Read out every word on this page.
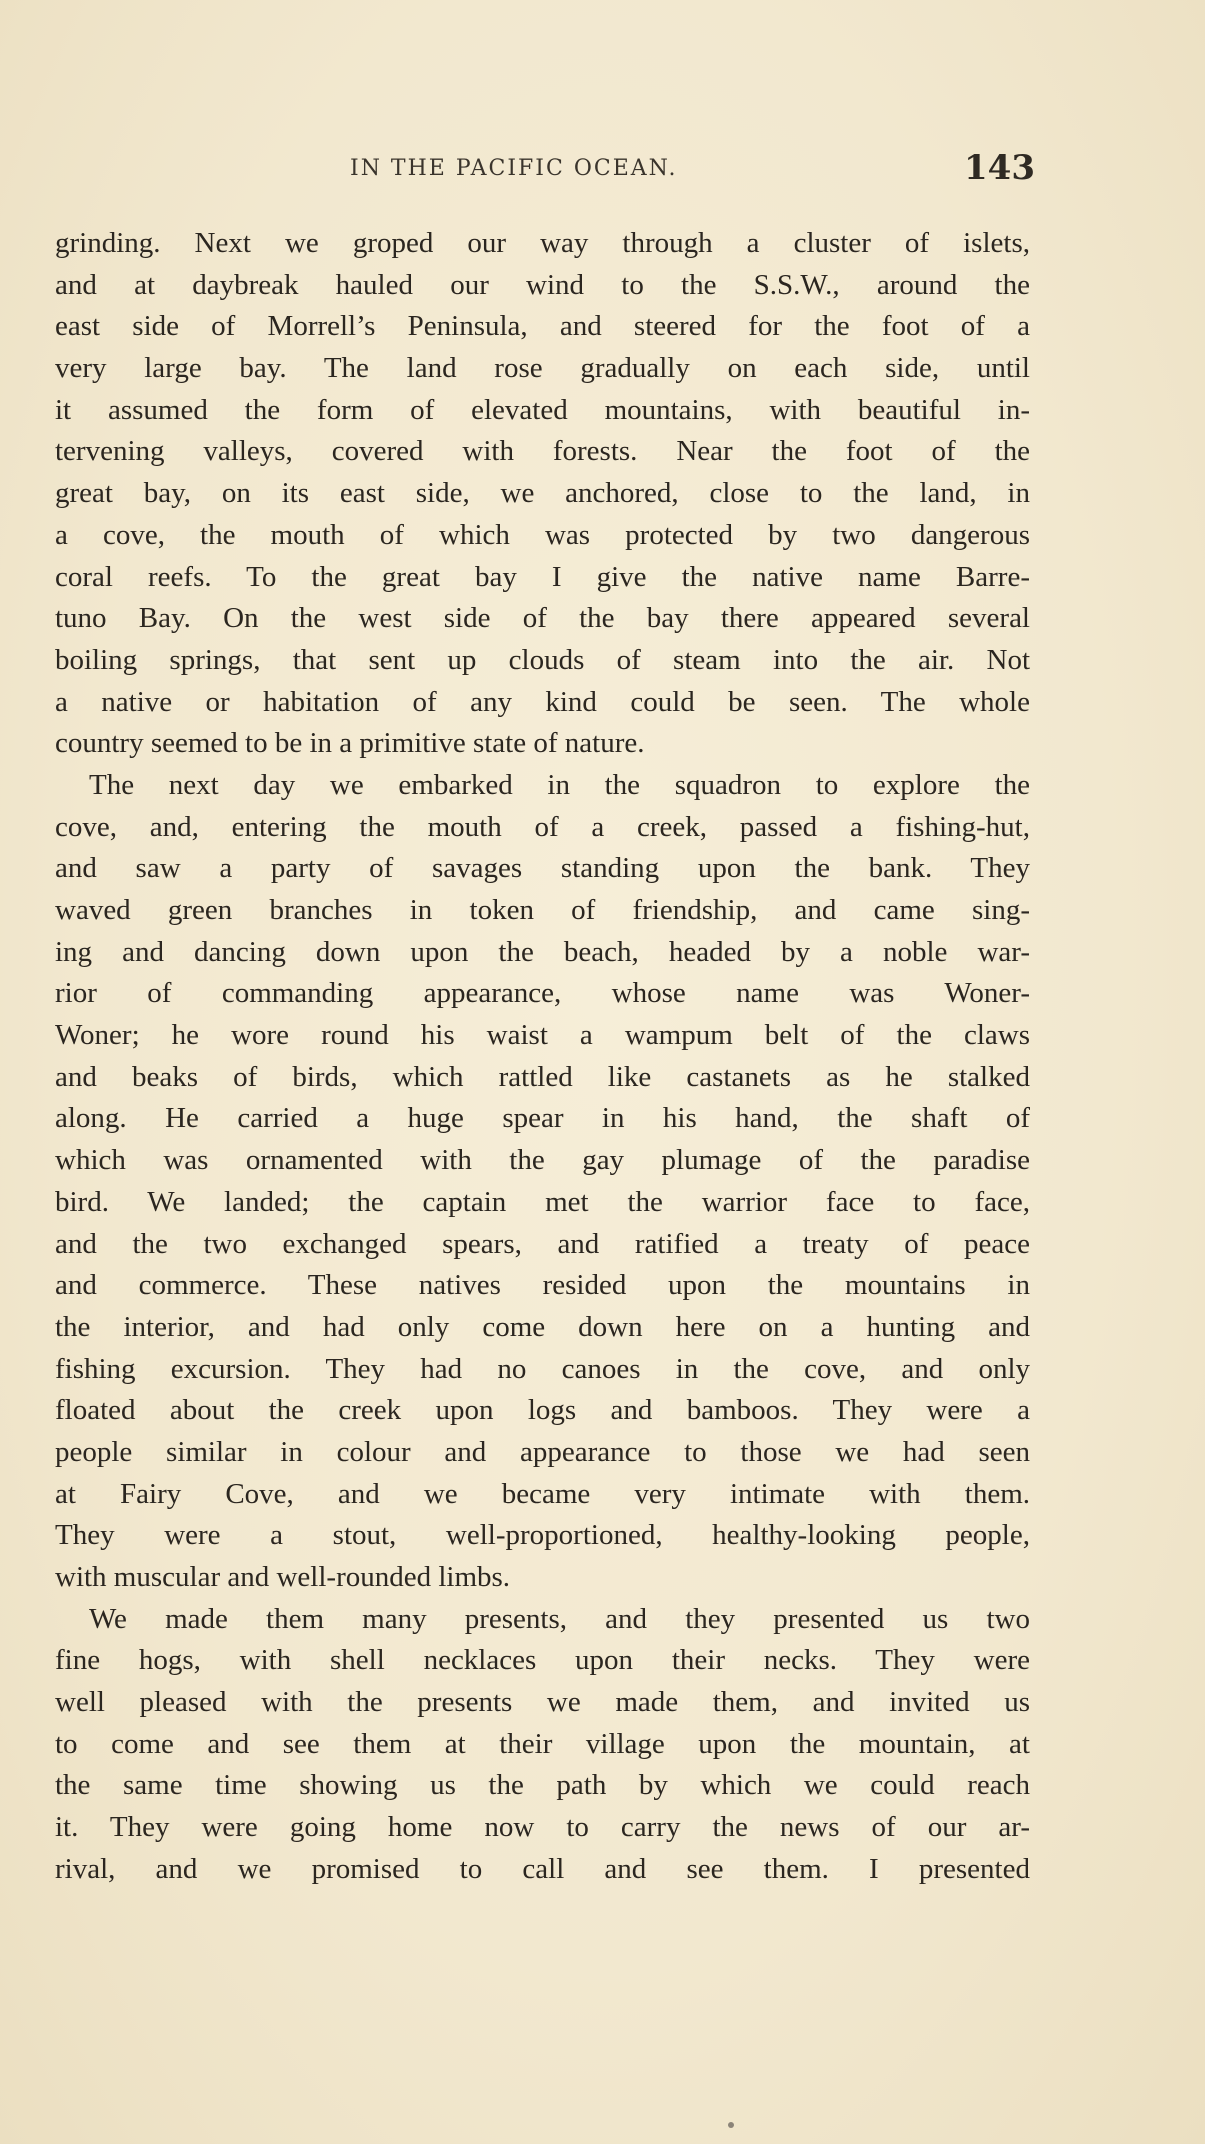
IN THE PACIFIC OCEAN.	143
grinding. Next we groped our way through a cluster of islets,
and at daybreak hauled our wind to the S.S.W., around the
east side of Morrell’s Peninsula, and steered for the foot of a
very large bay. The land rose gradually on each side, until
it assumed the form of elevated mountains, with beautiful in-
tervening valleys, covered with forests. Near the foot of the
great bay, on its east side, we anchored, close to the land, in
a cove, the mouth of which was protected by two dangerous
coral reefs. To the great bay I give the native name Barre-
tuno Bay. On the west side of the bay there appeared several
boiling springs, that sent up clouds of steam into the air. Not
a native or habitation of any kind could be seen. The whole
country seemed to be in a primitive state of nature.
The next day we embarked in the squadron to explore the
cove, and, entering the mouth of a creek, passed a fishing-hut,
and saw a party of savages standing upon the bank. They
waved green branches in token of friendship, and came sing-
ing and dancing down upon the beach, headed by a noble war-
rior of commanding appearance, whose name was Woner-
Woner; he wore round his waist a wampum belt of the claws
and beaks of birds, which rattled like castanets as he stalked
along. He carried a huge spear in his hand, the shaft of
which was ornamented with the gay plumage of the paradise
bird. We landed; the captain met the warrior face to face,
and the two exchanged spears, and ratified a treaty of peace
and commerce. These natives resided upon the mountains in
the interior, and had only come down here on a hunting and
fishing excursion. They had no canoes in the cove, and only
floated about the creek upon logs and bamboos. They were a
people similar in colour and appearance to those we had seen
at Fairy Cove, and we became very intimate with them.
They were a stout, well-proportioned, healthy-looking people,
with muscular and well-rounded limbs.
We made them many presents, and they presented us two
fine hogs, with shell necklaces upon their necks. They were
well pleased with the presents we made them, and invited us
to come and see them at their village upon the mountain, at
the same time showing us the path by which we could reach
it. They were going home now to carry the news of our ar-
rival, and we promised to call and see them. I presented
